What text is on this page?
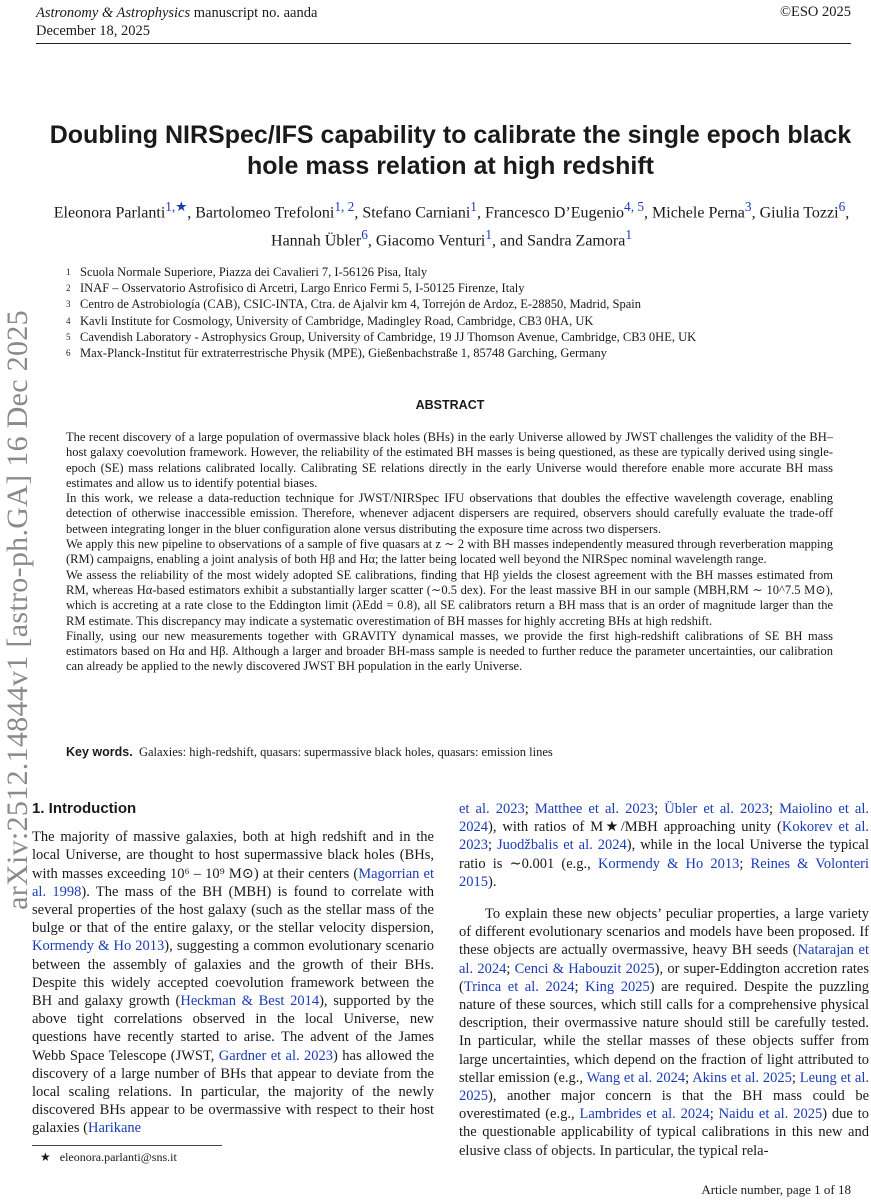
Astronomy & Astrophysics manuscript no. aanda
December 18, 2025
©ESO 2025
arXiv:2512.14844v1 [astro-ph.GA] 16 Dec 2025
Doubling NIRSpec/IFS capability to calibrate the single epoch black hole mass relation at high redshift
Eleonora Parlanti$^{1,★}$, Bartolomeo Trefoloni$^{1, 2}$, Stefano Carniani$^1$, Francesco D’Eugenio$^{4, 5}$, Michele Perna$^3$, Giulia Tozzi$^6$, Hannah Übler$^6$, Giacomo Venturi$^1$, and Sandra Zamora$^1$
1 Scuola Normale Superiore, Piazza dei Cavalieri 7, I-56126 Pisa, Italy
2 INAF – Osservatorio Astrofisico di Arcetri, Largo Enrico Fermi 5, I-50125 Firenze, Italy
3 Centro de Astrobiología (CAB), CSIC-INTA, Ctra. de Ajalvir km 4, Torrejón de Ardoz, E-28850, Madrid, Spain
4 Kavli Institute for Cosmology, University of Cambridge, Madingley Road, Cambridge, CB3 0HA, UK
5 Cavendish Laboratory - Astrophysics Group, University of Cambridge, 19 JJ Thomson Avenue, Cambridge, CB3 0HE, UK
6 Max-Planck-Institut für extraterrestrische Physik (MPE), Gießenbachstraße 1, 85748 Garching, Germany
ABSTRACT

The recent discovery of a large population of overmassive black holes (BHs) in the early Universe allowed by JWST challenges the validity of the BH–host galaxy coevolution framework. However, the reliability of the estimated BH masses is being questioned, as these are typically derived using single-epoch (SE) mass relations calibrated locally. Calibrating SE relations directly in the early Universe would therefore enable more accurate BH mass estimates and allow us to identify potential biases.

In this work, we release a data-reduction technique for JWST/NIRSpec IFU observations that doubles the effective wavelength coverage, enabling detection of otherwise inaccessible emission. Therefore, whenever adjacent dispersers are required, observers should carefully evaluate the trade-off between integrating longer in the bluer configuration alone versus distributing the exposure time across two dispersers.

We apply this new pipeline to observations of a sample of five quasars at z ∼ 2 with BH masses independently measured through reverberation mapping (RM) campaigns, enabling a joint analysis of both Hβ and Hα; the latter being located well beyond the NIRSpec nominal wavelength range.

We assess the reliability of the most widely adopted SE calibrations, finding that Hβ yields the closest agreement with the BH masses estimated from RM, whereas Hα-based estimators exhibit a substantially larger scatter (∼0.5 dex). For the least massive BH in our sample (MBH,RM ∼ 10^7.5 M⊙), which is accreting at a rate close to the Eddington limit (λEdd = 0.8), all SE calibrators return a BH mass that is an order of magnitude larger than the RM estimate. This discrepancy may indicate a systematic overestimation of BH masses for highly accreting BHs at high redshift.

Finally, using our new measurements together with GRAVITY dynamical masses, we provide the first high-redshift calibrations of SE BH mass estimators based on Hα and Hβ. Although a larger and broader BH-mass sample is needed to further reduce the parameter uncertainties, our calibration can already be applied to the newly discovered JWST BH population in the early Universe.

Key words. Galaxies: high-redshift, quasars: supermassive black holes, quasars: emission lines
1. Introduction

The majority of massive galaxies, both at high redshift and in the local Universe, are thought to host supermassive black holes (BHs, with masses exceeding 10⁶ – 10⁹ M⊙) at their centers (Magorrian et al. 1998). The mass of the BH (MBH) is found to correlate with several properties of the host galaxy (such as the stellar mass of the bulge or that of the entire galaxy, or the stellar velocity dispersion, Kormendy & Ho 2013), suggesting a common evolutionary scenario between the assembly of galaxies and the growth of their BHs. Despite this widely accepted coevolution framework between the BH and galaxy growth (Heckman & Best 2014), supported by the above tight correlations observed in the local Universe, new questions have recently started to arise. The advent of the James Webb Space Telescope (JWST, Gardner et al. 2023) has allowed the discovery of a large number of BHs that appear to deviate from the local scaling relations. In particular, the majority of the newly discovered BHs appear to be overmassive with respect to their host galaxies (Harikane

et al. 2023; Matthee et al. 2023; Übler et al. 2023; Maiolino et al. 2024), with ratios of M★/MBH approaching unity (Kokorev et al. 2023; Juodžbalis et al. 2024), while in the local Universe the typical ratio is ∼0.001 (e.g., Kormendy & Ho 2013; Reines & Volonteri 2015).

To explain these new objects’ peculiar properties, a large variety of different evolutionary scenarios and models have been proposed. If these objects are actually overmassive, heavy BH seeds (Natarajan et al. 2024; Cenci & Habouzit 2025), or super-Eddington accretion rates (Trinca et al. 2024; King 2025) are required. Despite the puzzling nature of these sources, which still calls for a comprehensive physical description, their overmassive nature should still be carefully tested. In particular, while the stellar masses of these objects suffer from large uncertainties, which depend on the fraction of light attributed to stellar emission (e.g., Wang et al. 2024; Akins et al. 2025; Leung et al. 2025), another major concern is that the BH mass could be overestimated (e.g., Lambrides et al. 2024; Naidu et al. 2025) due to the questionable applicability of typical calibrations in this new and elusive class of objects. In particular, the typical rela-

★ eleonora.parlanti@sns.it
Article number, page 1 of 18
